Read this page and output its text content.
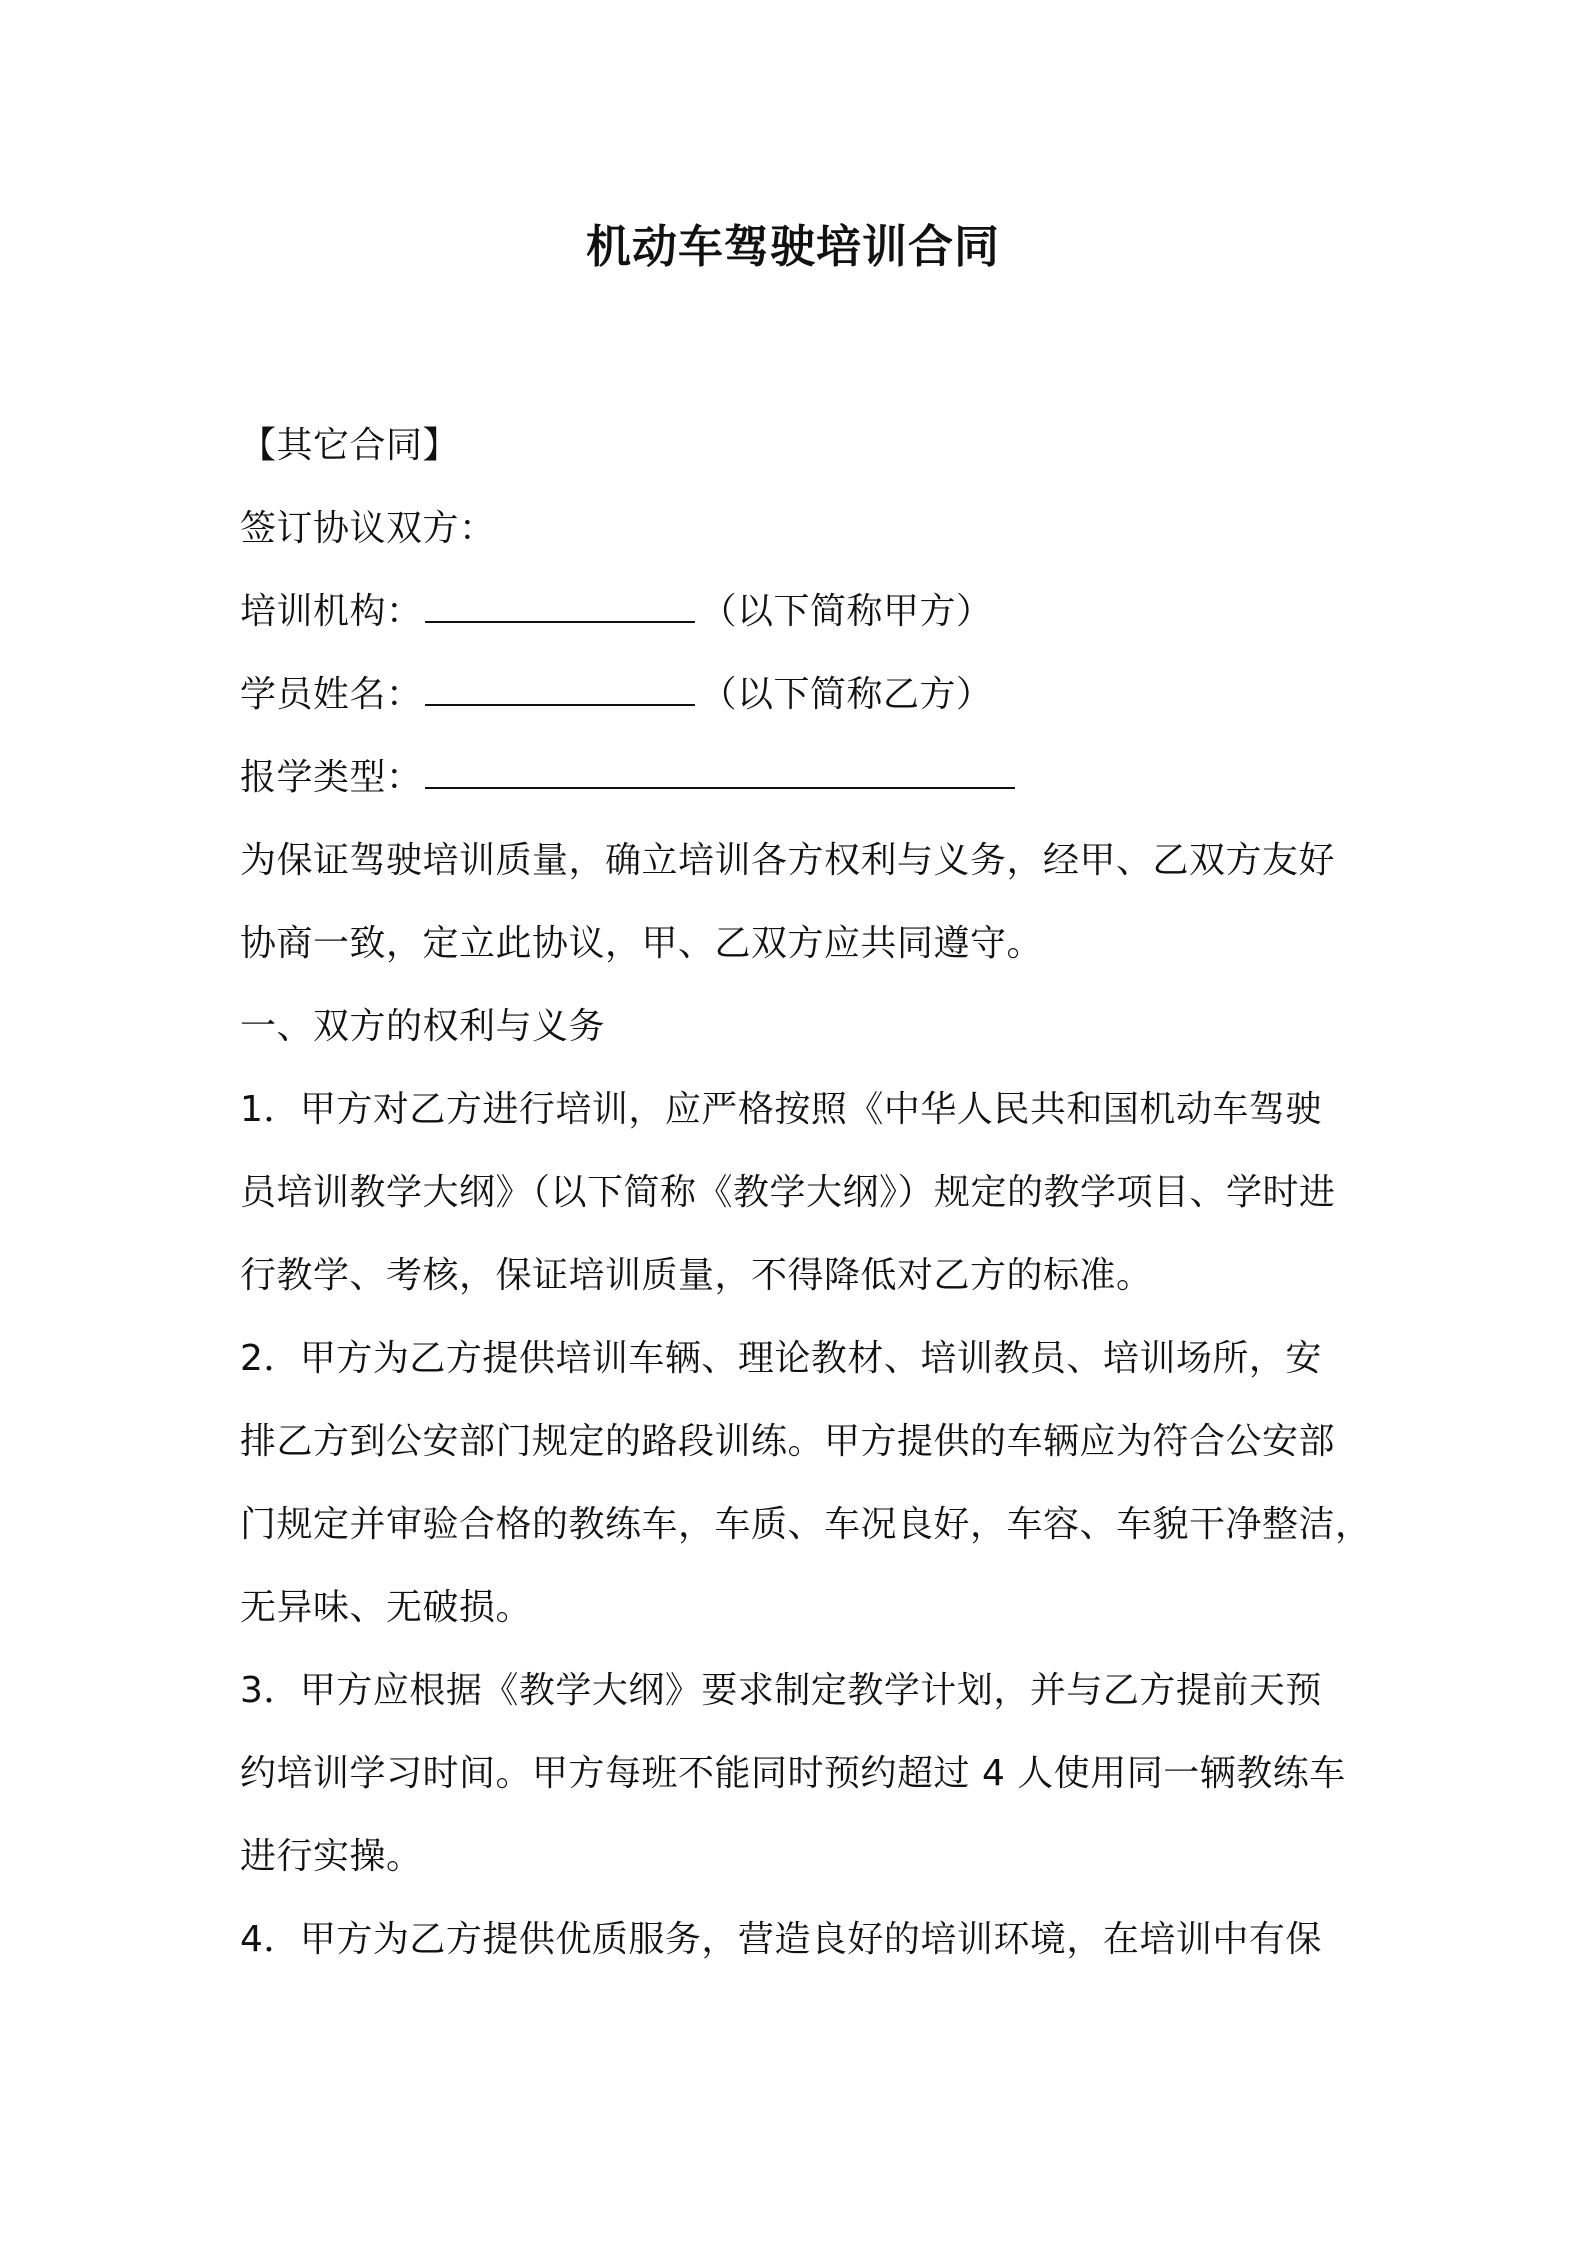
机动车驾驶培训合同
【其它合同】
签订协议双方：
培训机构：	（以下简称甲方）
学员姓名：	（以下简称乙方）
报学类型：
为保证驾驶培训质量，确立培训各方权利与义务，经甲、乙双方友好
协商一致，定立此协议，甲、乙双方应共同遵守。
一、双方的权利与义务
1．甲方对乙方进行培训，应严格按照《中华人民共和国机动车驾驶
员培训教学大纲》（以下简称《教学大纲》）规定的教学项目、学时进
行教学、考核，保证培训质量，不得降低对乙方的标准。
2．甲方为乙方提供培训车辆、理论教材、培训教员、培训场所，安
排乙方到公安部门规定的路段训练。甲方提供的车辆应为符合公安部
门规定并审验合格的教练车，车质、车况良好，车容、车貌干净整洁，
无异味、无破损。
3．甲方应根据《教学大纲》要求制定教学计划，并与乙方提前天预
约培训学习时间。甲方每班不能同时预约超过 4 人使用同一辆教练车
进行实操。
4．甲方为乙方提供优质服务，营造良好的培训环境，在培训中有保
